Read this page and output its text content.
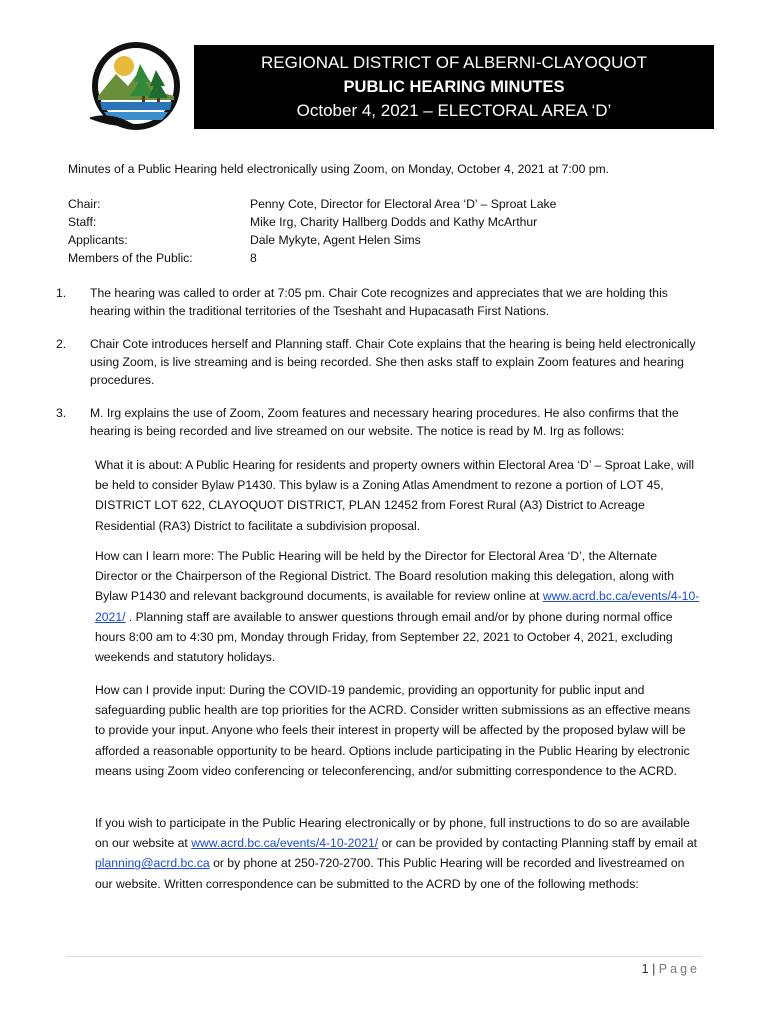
REGIONAL DISTRICT OF ALBERNI-CLAYOQUOT
PUBLIC HEARING MINUTES
October 4, 2021 – ELECTORAL AREA ‘D’
Minutes of a Public Hearing held electronically using Zoom, on Monday, October 4, 2021 at 7:00 pm.
Chair:	Penny Cote, Director for Electoral Area ‘D’ – Sproat Lake
Staff:	Mike Irg, Charity Hallberg Dodds and Kathy McArthur
Applicants:	Dale Mykyte, Agent Helen Sims
Members of the Public:	8
1. The hearing was called to order at 7:05 pm. Chair Cote recognizes and appreciates that we are holding this hearing within the traditional territories of the Tseshaht and Hupacasath First Nations.
2. Chair Cote introduces herself and Planning staff. Chair Cote explains that the hearing is being held electronically using Zoom, is live streaming and is being recorded. She then asks staff to explain Zoom features and hearing procedures.
3. M. Irg explains the use of Zoom, Zoom features and necessary hearing procedures. He also confirms that the hearing is being recorded and live streamed on our website. The notice is read by M. Irg as follows:
What it is about: A Public Hearing for residents and property owners within Electoral Area ‘D’ – Sproat Lake, will be held to consider Bylaw P1430. This bylaw is a Zoning Atlas Amendment to rezone a portion of LOT 45, DISTRICT LOT 622, CLAYOQUOT DISTRICT, PLAN 12452 from Forest Rural (A3) District to Acreage Residential (RA3) District to facilitate a subdivision proposal.
How can I learn more: The Public Hearing will be held by the Director for Electoral Area ‘D’, the Alternate Director or the Chairperson of the Regional District. The Board resolution making this delegation, along with Bylaw P1430 and relevant background documents, is available for review online at www.acrd.bc.ca/events/4-10-2021/ . Planning staff are available to answer questions through email and/or by phone during normal office hours 8:00 am to 4:30 pm, Monday through Friday, from September 22, 2021 to October 4, 2021, excluding weekends and statutory holidays.
How can I provide input: During the COVID-19 pandemic, providing an opportunity for public input and safeguarding public health are top priorities for the ACRD. Consider written submissions as an effective means to provide your input. Anyone who feels their interest in property will be affected by the proposed bylaw will be afforded a reasonable opportunity to be heard. Options include participating in the Public Hearing by electronic means using Zoom video conferencing or teleconferencing, and/or submitting correspondence to the ACRD.
If you wish to participate in the Public Hearing electronically or by phone, full instructions to do so are available on our website at www.acrd.bc.ca/events/4-10-2021/ or can be provided by contacting Planning staff by email at planning@acrd.bc.ca or by phone at 250-720-2700. This Public Hearing will be recorded and livestreamed on our website. Written correspondence can be submitted to the ACRD by one of the following methods:
1 | Page
